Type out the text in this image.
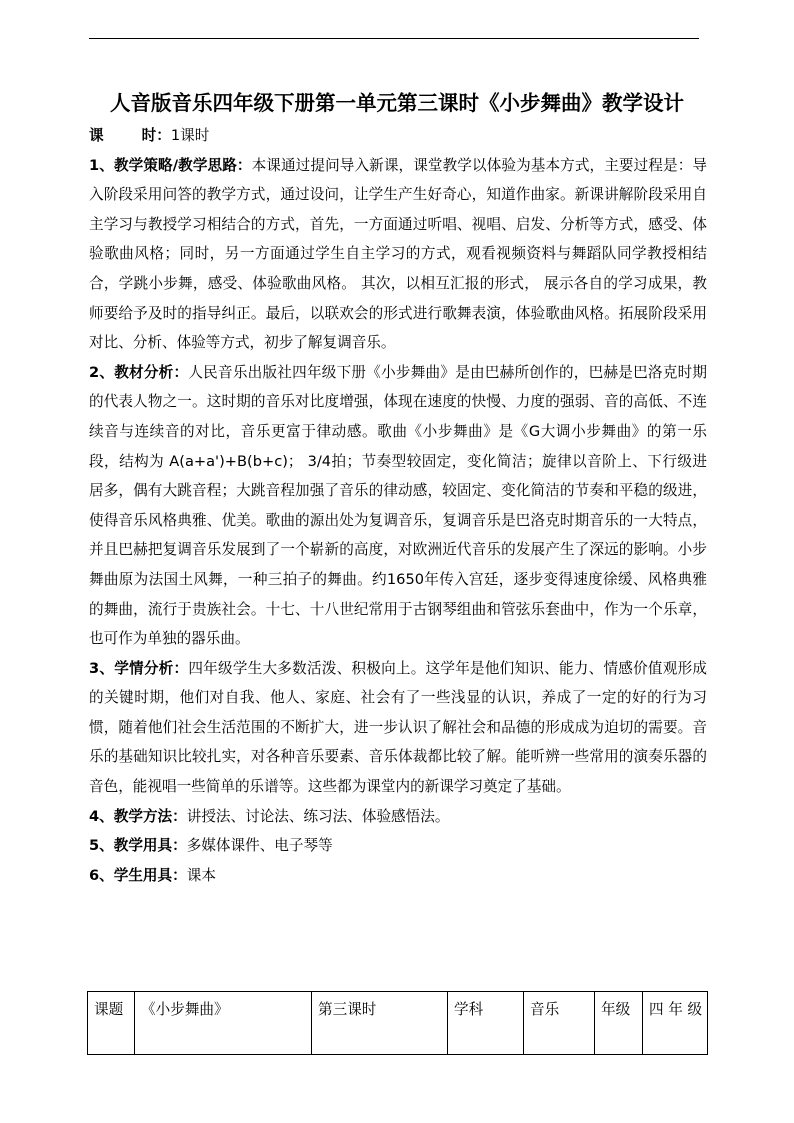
人音版音乐四年级下册第一单元第三课时《小步舞曲》教学设计

课	时：1课时

1、教学策略/教学思路：本课通过提问导入新课，课堂教学以体验为基本方式，主要过程是：导入阶段采用问答的教学方式，通过设问，让学生产生好奇心，知道作曲家。新课讲解阶段采用自主学习与教授学习相结合的方式，首先，一方面通过听唱、视唱、启发、分析等方式，感受、体验歌曲风格；同时，另一方面通过学生自主学习的方式，观看视频资料与舞蹈队同学教授相结合，学跳小步舞，感受、体验歌曲风格。 其次，以相互汇报的形式， 展示各自的学习成果，教师要给予及时的指导纠正。最后，以联欢会的形式进行歌舞表演，体验歌曲风格。拓展阶段采用对比、分析、体验等方式，初步了解复调音乐。

2、教材分析：人民音乐出版社四年级下册《小步舞曲》是由巴赫所创作的，巴赫是巴洛克时期的代表人物之一。这时期的音乐对比度增强，体现在速度的快慢、力度的强弱、音的高低、不连续音与连续音的对比，音乐更富于律动感。歌曲《小步舞曲》是《G大调小步舞曲》的第一乐段，结构为 A(a+a')+B(b+c)； 3/4拍；节奏型较固定，变化简洁；旋律以音阶上、下行级进居多，偶有大跳音程；大跳音程加强了音乐的律动感，较固定、变化简洁的节奏和平稳的级进，使得音乐风格典雅、优美。歌曲的源出处为复调音乐，复调音乐是巴洛克时期音乐的一大特点，并且巴赫把复调音乐发展到了一个崭新的高度，对欧洲近代音乐的发展产生了深远的影响。小步舞曲原为法国土风舞，一种三拍子的舞曲。约1650年传入宫廷，逐步变得速度徐缓、风格典雅的舞曲，流行于贵族社会。十七、十八世纪常用于古钢琴组曲和管弦乐套曲中，作为一个乐章，也可作为单独的器乐曲。

3、学情分析：四年级学生大多数活泼、积极向上。这学年是他们知识、能力、情感价值观形成的关键时期，他们对自我、他人、家庭、社会有了一些浅显的认识，养成了一定的好的行为习惯，随着他们社会生活范围的不断扩大，进一步认识了解社会和品德的形成成为迫切的需要。音乐的基础知识比较扎实，对各种音乐要素、音乐体裁都比较了解。能听辨一些常用的演奏乐器的音色，能视唱一些简单的乐谱等。这些都为课堂内的新课学习奠定了基础。

4、教学方法：讲授法、讨论法、练习法、体验感悟法。

5、教学用具：多媒体课件、电子琴等

6、学生用具：课本

课题	《小步舞曲》	第三课时	学科	音乐	年级	四 年 级
